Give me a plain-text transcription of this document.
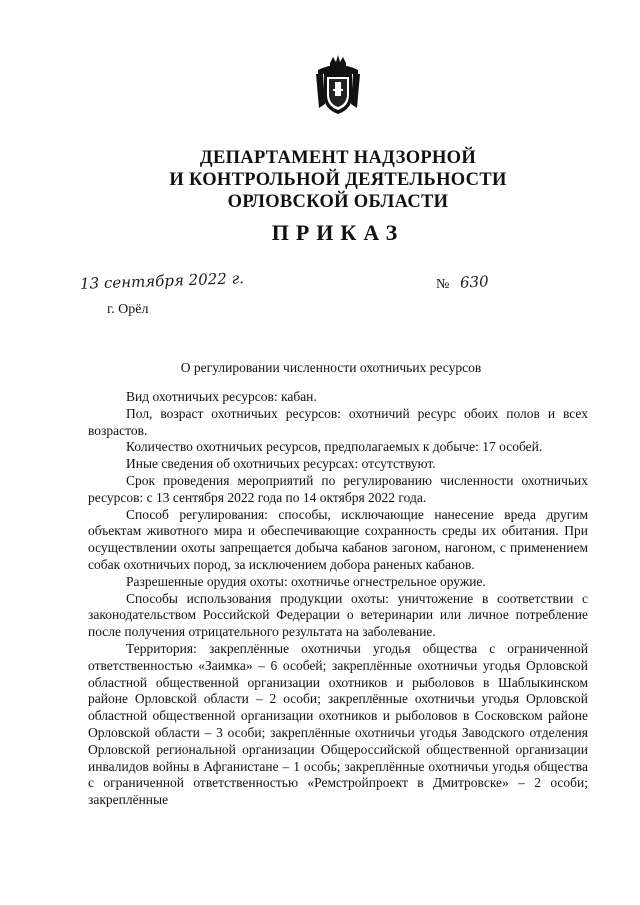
ДЕПАРТАМЕНТ НАДЗОРНОЙ
И КОНТРОЛЬНОЙ ДЕЯТЕЛЬНОСТИ
ОРЛОВСКОЙ ОБЛАСТИ
ПРИКАЗ
13 сентября 2022 г.	№ 630
г. Орёл
О регулировании численности охотничьих ресурсов

Вид охотничьих ресурсов: кабан.

Пол, возраст охотничьих ресурсов: охотничий ресурс обоих полов и всех возрастов.

Количество охотничьих ресурсов, предполагаемых к добыче: 17 особей.

Иные сведения об охотничьих ресурсах: отсутствуют.

Срок проведения мероприятий по регулированию численности охотничьих ресурсов: с 13 сентября 2022 года по 14 октября 2022 года.

Способ регулирования: способы, исключающие нанесение вреда другим объектам животного мира и обеспечивающие сохранность среды их обитания. При осуществлении охоты запрещается добыча кабанов загоном, нагоном, с применением собак охотничьих пород, за исключением добора раненых кабанов.

Разрешенные орудия охоты: охотничье огнестрельное оружие.

Способы использования продукции охоты: уничтожение в соответствии с законодательством Российской Федерации о ветеринарии или личное потребление после получения отрицательного результата на заболевание.

Территория: закреплённые охотничьи угодья общества с ограниченной ответственностью «Заимка» – 6 особей; закреплённые охотничьи угодья Орловской областной общественной организации охотников и рыболовов в Шаблыкинском районе Орловской области – 2 особи; закреплённые охотничьи угодья Орловской областной общественной организации охотников и рыболовов в Сосковском районе Орловской области – 3 особи; закреплённые охотничьи угодья Заводского отделения Орловской региональной организации Общероссийской общественной организации инвалидов войны в Афганистане – 1 особь; закреплённые охотничьи угодья общества с ограниченной ответственностью «Ремстройпроект в Дмитровске» – 2 особи; закреплённые
